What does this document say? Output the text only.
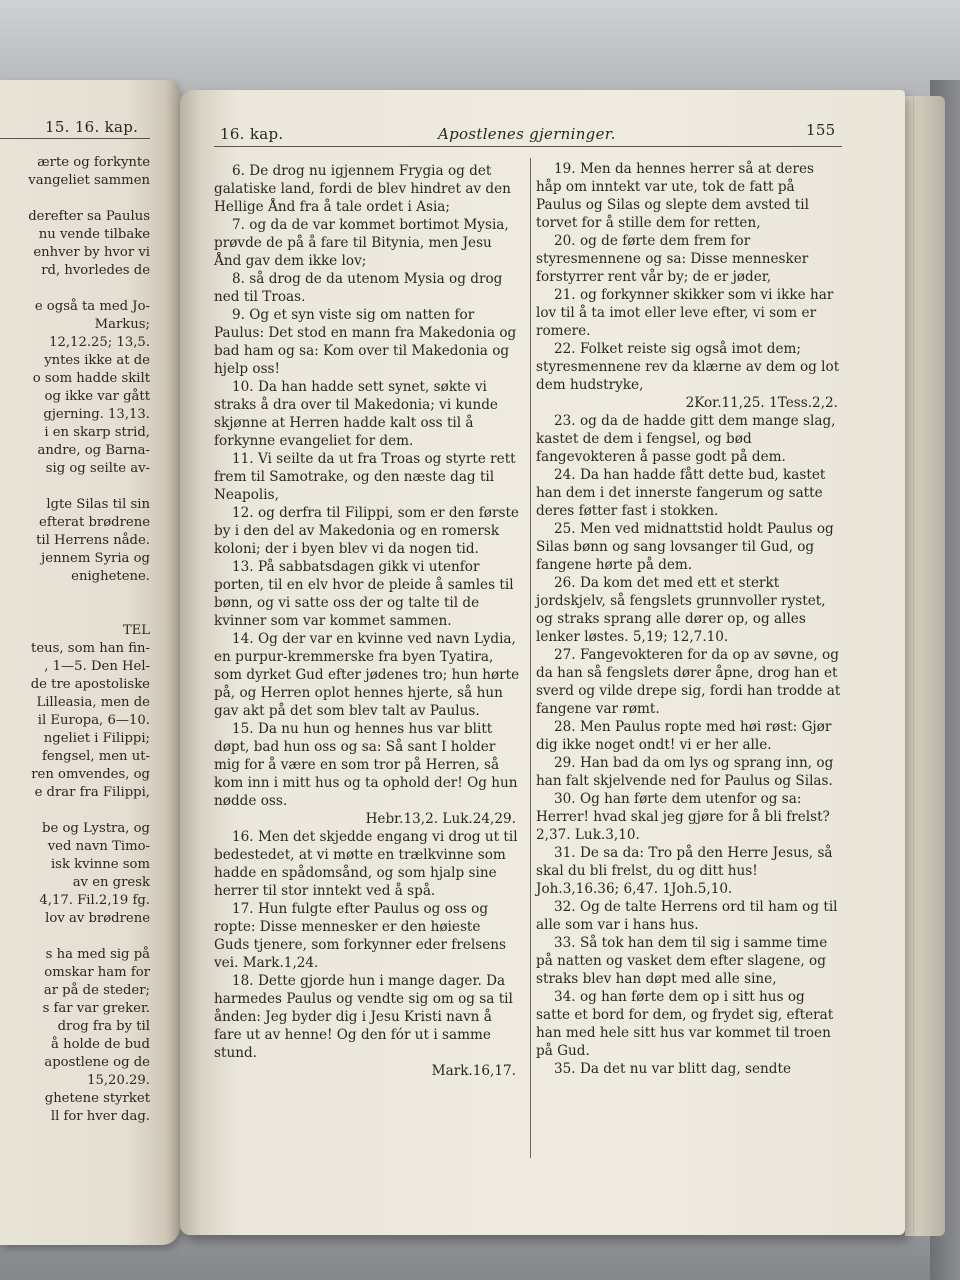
15. 16. kap.
ærte og forkynte
vangeliet sammen
derefter sa Paulus
nu vende tilbake
enhver by hvor vi
rd, hvorledes de
e også ta med Jo-
Markus;
12,12.25; 13,5.
yntes ikke at de
o som hadde skilt
og ikke var gått
gjerning. 13,13.
i en skarp strid,
andre, og Barna-
sig og seilte av-
lgte Silas til sin
efterat brødrene
til Herrens nåde.
jennem Syria og
enighetene.
TEL
teus, som han fin-
, 1—5. Den Hel-
de tre apostoliske
Lilleasia, men de
il Europa, 6—10.
ngeliet i Filippi;
fengsel, men ut-
ren omvendes, og
e drar fra Filippi,
be og Lystra, og
ved navn Timo-
isk kvinne som
av en gresk
4,17. Fil.2,19 fg.
lov av brødrene
s ha med sig på
omskar ham for
ar på de steder;
s far var greker.
drog fra by til
å holde de bud
apostlene og de
15,20.29.
ghetene styrket
ll for hver dag.
16. kap.	Apostlenes gjerninger.	155

6. De drog nu igjennem Frygia og det galatiske land, fordi de blev hindret av den Hellige Ånd fra å tale ordet i Asia;

7. og da de var kommet bortimot Mysia, prøvde de på å fare til Bitynia, men Jesu Ånd gav dem ikke lov;

8. så drog de da utenom Mysia og drog ned til Troas.

9. Og et syn viste sig om natten for Paulus: Det stod en mann fra Makedonia og bad ham og sa: Kom over til Makedonia og hjelp oss!

10. Da han hadde sett synet, søkte vi straks å dra over til Makedonia; vi kunde skjønne at Herren hadde kalt oss til å forkynne evangeliet for dem.

11. Vi seilte da ut fra Troas og styrte rett frem til Samotrake, og den næste dag til Neapolis,

12. og derfra til Filippi, som er den første by i den del av Makedonia og en romersk koloni; der i byen blev vi da nogen tid.

13. På sabbatsdagen gikk vi utenfor porten, til en elv hvor de pleide å samles til bønn, og vi satte oss der og talte til de kvinner som var kommet sammen.

14. Og der var en kvinne ved navn Lydia, en purpur-kremmerske fra byen Tyatira, som dyrket Gud efter jødenes tro; hun hørte på, og Herren oplot hennes hjerte, så hun gav akt på det som blev talt av Paulus.

15. Da nu hun og hennes hus var blitt døpt, bad hun oss og sa: Så sant I holder mig for å være en som tror på Herren, så kom inn i mitt hus og ta ophold der! Og hun nødde oss.

Hebr.13,2. Luk.24,29.

16. Men det skjedde engang vi drog ut til bedestedet, at vi møtte en trælkvinne som hadde en spådomsånd, og som hjalp sine herrer til stor inntekt ved å spå.

17. Hun fulgte efter Paulus og oss og ropte: Disse mennesker er den høieste Guds tjenere, som forkynner eder frelsens vei. Mark.1,24.

18. Dette gjorde hun i mange dager. Da harmedes Paulus og vendte sig om og sa til ånden: Jeg byder dig i Jesu Kristi navn å fare ut av henne! Og den fór ut i samme stund.

Mark.16,17.

19. Men da hennes herrer så at deres håp om inntekt var ute, tok de fatt på Paulus og Silas og slepte dem avsted til torvet for å stille dem for retten,

20. og de førte dem frem for styresmennene og sa: Disse mennesker forstyrrer rent vår by; de er jøder,

21. og forkynner skikker som vi ikke har lov til å ta imot eller leve efter, vi som er romere.

22. Folket reiste sig også imot dem; styresmennene rev da klærne av dem og lot dem hudstryke,

2Kor.11,25. 1Tess.2,2.

23. og da de hadde gitt dem mange slag, kastet de dem i fengsel, og bød fangevokteren å passe godt på dem.

24. Da han hadde fått dette bud, kastet han dem i det innerste fangerum og satte deres føtter fast i stokken.

25. Men ved midnattstid holdt Paulus og Silas bønn og sang lovsanger til Gud, og fangene hørte på dem.

26. Da kom det med ett et sterkt jordskjelv, så fengslets grunnvoller rystet, og straks sprang alle dører op, og alles lenker løstes. 5,19; 12,7.10.

27. Fangevokteren for da op av søvne, og da han så fengslets dører åpne, drog han et sverd og vilde drepe sig, fordi han trodde at fangene var rømt.

28. Men Paulus ropte med høi røst: Gjør dig ikke noget ondt! vi er her alle.

29. Han bad da om lys og sprang inn, og han falt skjelvende ned for Paulus og Silas.

30. Og han førte dem utenfor og sa: Herrer! hvad skal jeg gjøre for å bli frelst? 2,37. Luk.3,10.

31. De sa da: Tro på den Herre Jesus, så skal du bli frelst, du og ditt hus! Joh.3,16.36; 6,47. 1Joh.5,10.

32. Og de talte Herrens ord til ham og til alle som var i hans hus.

33. Så tok han dem til sig i samme time på natten og vasket dem efter slagene, og straks blev han døpt med alle sine,

34. og han førte dem op i sitt hus og satte et bord for dem, og frydet sig, efterat han med hele sitt hus var kommet til troen på Gud.

35. Da det nu var blitt dag, sendte
